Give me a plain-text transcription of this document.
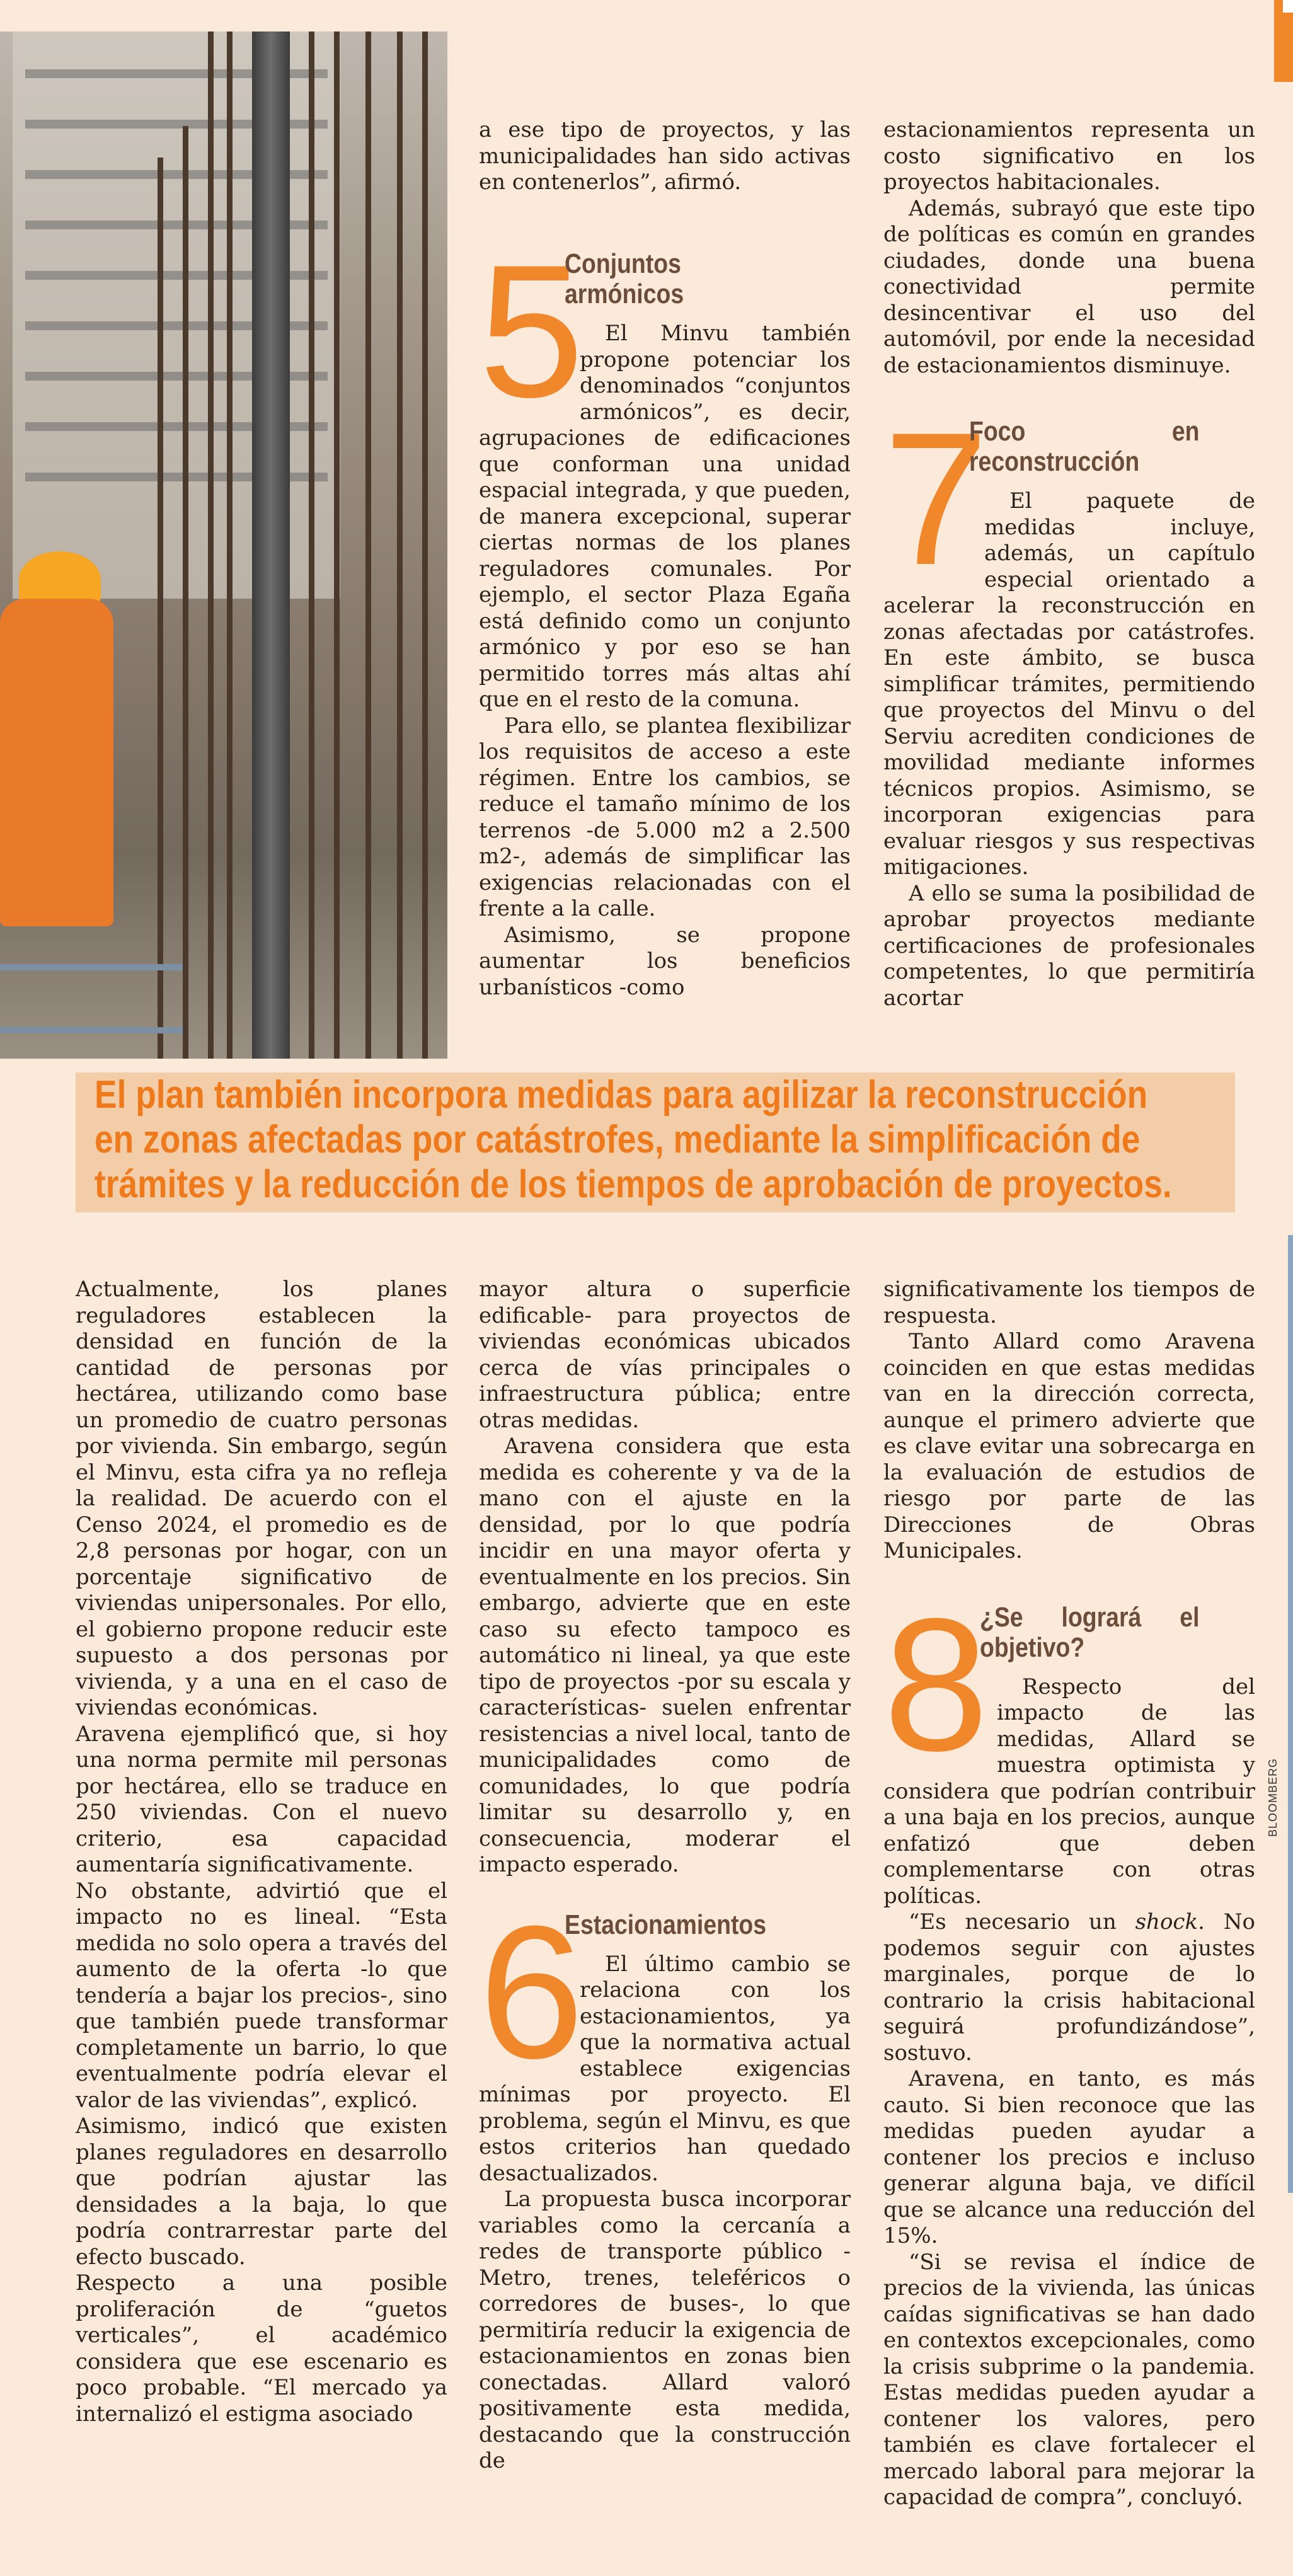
a ese tipo de proyectos, y las municipalidades han sido activas en contenerlos”, afirmó.

estacionamientos representa un costo significativo en los proyectos habitacionales.

Además, subrayó que este tipo de políticas es común en grandes ciudades, donde una buena conectividad permite desincentivar el uso del automóvil, por ende la necesidad de estacionamientos disminuye.

7
Foco en reconstrucción

El paquete de medidas incluye, además, un capítulo especial orientado a acelerar la reconstrucción en zonas afectadas por catástrofes. En este ámbito, se busca simplificar trámites, permitiendo que proyectos del Minvu o del Serviu acrediten condiciones de movilidad mediante informes técnicos propios. Asimismo, se incorporan exigencias para evaluar riesgos y sus respectivas mitigaciones.

A ello se suma la posibilidad de aprobar proyectos mediante certificaciones de profesionales competentes, lo que permitiría acortar

El plan también incorpora medidas para agilizar la reconstrucción
en zonas afectadas por catástrofes, mediante la simplificación de
trámites y la reducción de los tiempos de aprobación de proyectos.

Actualmente, los planes reguladores establecen la densidad en función de la cantidad de personas por hectárea, utilizando como base un promedio de cuatro personas por vivienda. Sin embargo, según el Minvu, esta cifra ya no refleja la realidad. De acuerdo con el Censo 2024, el promedio es de 2,8 personas por hogar, con un porcentaje significativo de viviendas unipersonales. Por ello, el gobierno propone reducir este supuesto a dos personas por vivienda, y a una en el caso de viviendas económicas.

Aravena ejemplificó que, si hoy una norma permite mil personas por hectárea, ello se traduce en 250 viviendas. Con el nuevo criterio, esa capacidad aumentaría significativamente.

No obstante, advirtió que el impacto no es lineal. “Esta medida no solo opera a través del aumento de la oferta -lo que tendería a bajar los precios-, sino que también puede transformar completamente un barrio, lo que eventualmente podría elevar el valor de las viviendas”, explicó.

Asimismo, indicó que existen planes reguladores en desarrollo que podrían ajustar las densidades a la baja, lo que podría contrarrestar parte del efecto buscado.

Respecto a una posible proliferación de “guetos verticales”, el académico considera que ese escenario es poco probable. “El mercado ya internalizó el estigma asociado

mayor altura o superficie edificable- para proyectos de viviendas económicas ubicados cerca de vías principales o infraestructura pública; entre otras medidas.

Aravena considera que esta medida es coherente y va de la mano con el ajuste en la densidad, por lo que podría incidir en una mayor oferta y eventualmente en los precios. Sin embargo, advierte que en este caso su efecto tampoco es automático ni lineal, ya que este tipo de proyectos -por su escala y características- suelen enfrentar resistencias a nivel local, tanto de municipalidades como de comunidades, lo que podría limitar su desarrollo y, en consecuencia, moderar el impacto esperado.

6
Estacionamientos

El último cambio se relaciona con los estacionamientos, ya que la normativa actual establece exigencias mínimas por proyecto. El problema, según el Minvu, es que estos criterios han quedado desactualizados.

La propuesta busca incorporar variables como la cercanía a redes de transporte público -Metro, trenes, teleféricos o corredores de buses-, lo que permitiría reducir la exigencia de estacionamientos en zonas bien conectadas. Allard valoró positivamente esta medida, destacando que la construcción de

significativamente los tiempos de respuesta.

Tanto Allard como Aravena coinciden en que estas medidas van en la dirección correcta, aunque el primero advierte que es clave evitar una sobrecarga en la evaluación de estudios de riesgo por parte de las Direcciones de Obras Municipales.

8
¿Se logrará el objetivo?

Respecto del impacto de las medidas, Allard se muestra optimista y considera que podrían contribuir a una baja en los precios, aunque enfatizó que deben complementarse con otras políticas.

“Es necesario un shock. No podemos seguir con ajustes marginales, porque de lo contrario la crisis habitacional seguirá profundizándose”, sostuvo.

Aravena, en tanto, es más cauto. Si bien reconoce que las medidas pueden ayudar a contener los precios e incluso generar alguna baja, ve difícil que se alcance una reducción del 15%.

“Si se revisa el índice de precios de la vivienda, las únicas caídas significativas se han dado en contextos excepcionales, como la crisis subprime o la pandemia. Estas medidas pueden ayudar a contener los valores, pero también es clave fortalecer el mercado laboral para mejorar la capacidad de compra”, concluyó.

BLOOMBERG
5
Conjuntos armónicos

El Minvu también propone potenciar los denominados “conjuntos armónicos”, es decir, agrupaciones de edificaciones que conforman una unidad espacial integrada, y que pueden, de manera excepcional, superar ciertas normas de los planes reguladores comunales. Por ejemplo, el sector Plaza Egaña está definido como un conjunto armónico y por eso se han permitido torres más altas ahí que en el resto de la comuna.

Para ello, se plantea flexibilizar los requisitos de acceso a este régimen. Entre los cambios, se reduce el tamaño mínimo de los terrenos -de 5.000 m2 a 2.500 m2-, además de simplificar las exigencias relacionadas con el frente a la calle.

Asimismo, se propone aumentar los beneficios urbanísticos -como
